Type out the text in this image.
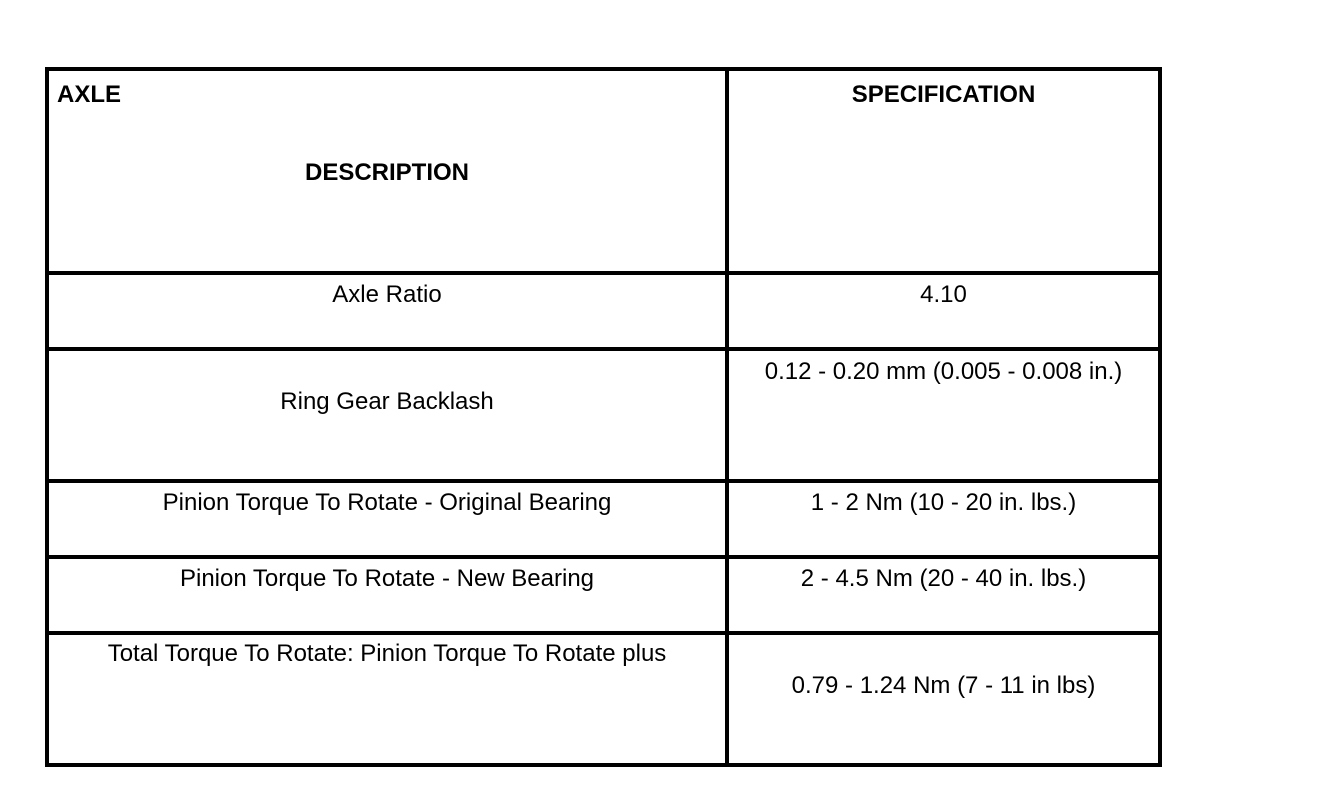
AXLE
DESCRIPTION	SPECIFICATION
Axle Ratio	4.10
Ring Gear Backlash	0.12 - 0.20 mm (0.005 - 0.008 in.)
Pinion Torque To Rotate - Original Bearing	1 - 2 Nm (10 - 20 in. lbs.)
Pinion Torque To Rotate - New Bearing	2 - 4.5 Nm (20 - 40 in. lbs.)
Total Torque To Rotate: Pinion Torque To Rotate plus	0.79 - 1.24 Nm (7 - 11 in lbs)
